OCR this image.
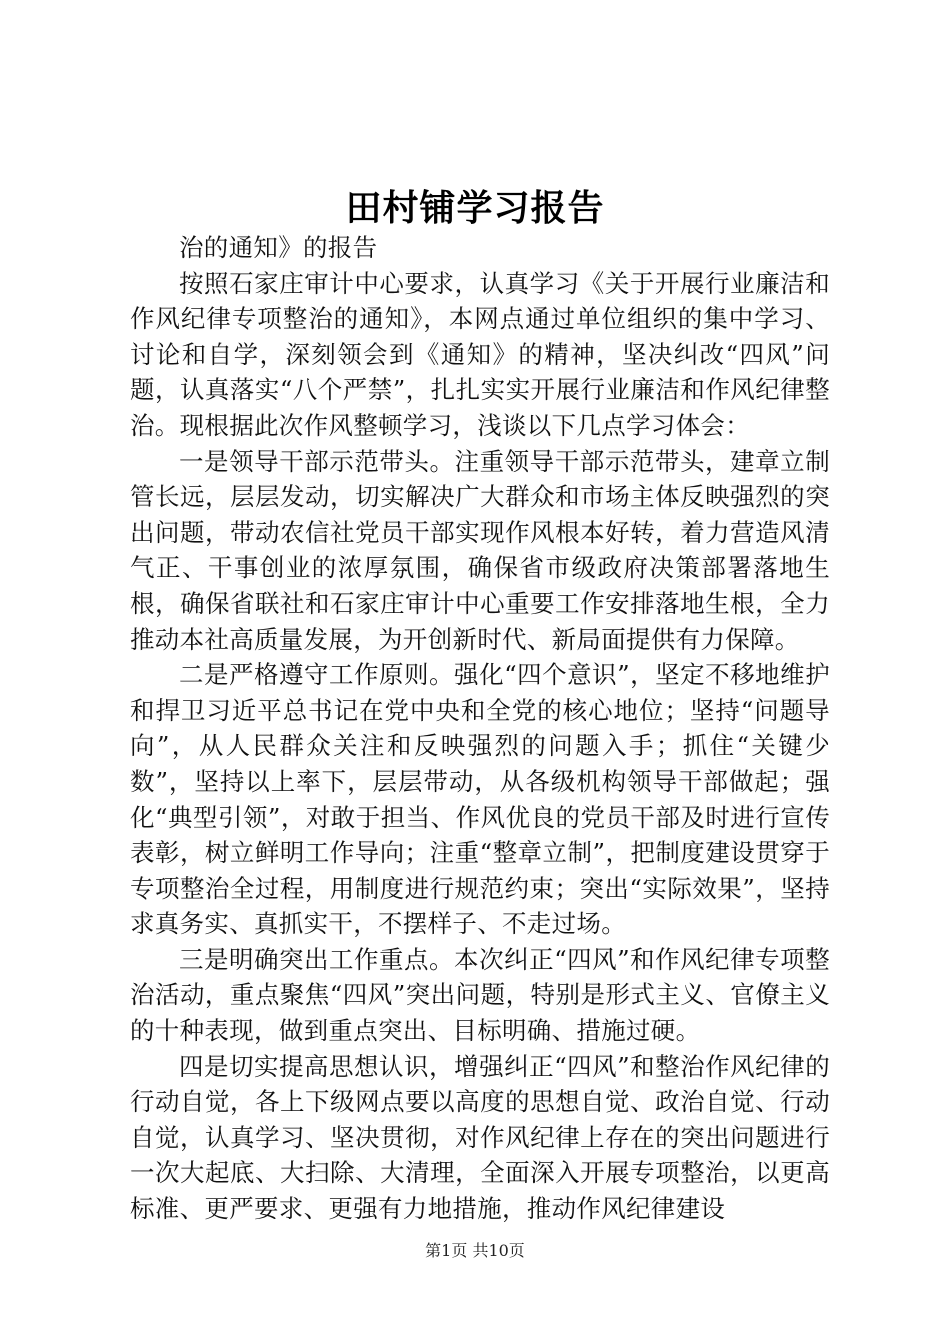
田村铺学习报告

治的通知》的报告

按照石家庄审计中心要求，认真学习《关于开展行业廉洁和作风纪律专项整治的通知》，本网点通过单位组织的集中学习、讨论和自学，深刻领会到《通知》的精神，坚决纠改“四风”问题，认真落实“八个严禁”，扎扎实实开展行业廉洁和作风纪律整治。现根据此次作风整顿学习，浅谈以下几点学习体会：

一是领导干部示范带头。注重领导干部示范带头，建章立制管长远，层层发动，切实解决广大群众和市场主体反映强烈的突出问题，带动农信社党员干部实现作风根本好转，着力营造风清气正、干事创业的浓厚氛围，确保省市级政府决策部署落地生根，确保省联社和石家庄审计中心重要工作安排落地生根，全力推动本社高质量发展，为开创新时代、新局面提供有力保障。

二是严格遵守工作原则。强化“四个意识”，坚定不移地维护和捍卫习近平总书记在党中央和全党的核心地位；坚持“问题导向”，从人民群众关注和反映强烈的问题入手；抓住“关键少数”，坚持以上率下，层层带动，从各级机构领导干部做起；强化“典型引领”，对敢于担当、作风优良的党员干部及时进行宣传表彰，树立鲜明工作导向；注重“整章立制”，把制度建设贯穿于专项整治全过程，用制度进行规范约束；突出“实际效果”，坚持求真务实、真抓实干，不摆样子、不走过场。

三是明确突出工作重点。本次纠正“四风”和作风纪律专项整治活动，重点聚焦“四风”突出问题，特别是形式主义、官僚主义的十种表现，做到重点突出、目标明确、措施过硬。

四是切实提高思想认识，增强纠正“四风”和整治作风纪律的行动自觉，各上下级网点要以高度的思想自觉、政治自觉、行动自觉，认真学习、坚决贯彻，对作风纪律上存在的突出问题进行一次大起底、大扫除、大清理，全面深入开展专项整治，以更高标准、更严要求、更强有力地措施，推动作风纪律建设

第1页 共10页
